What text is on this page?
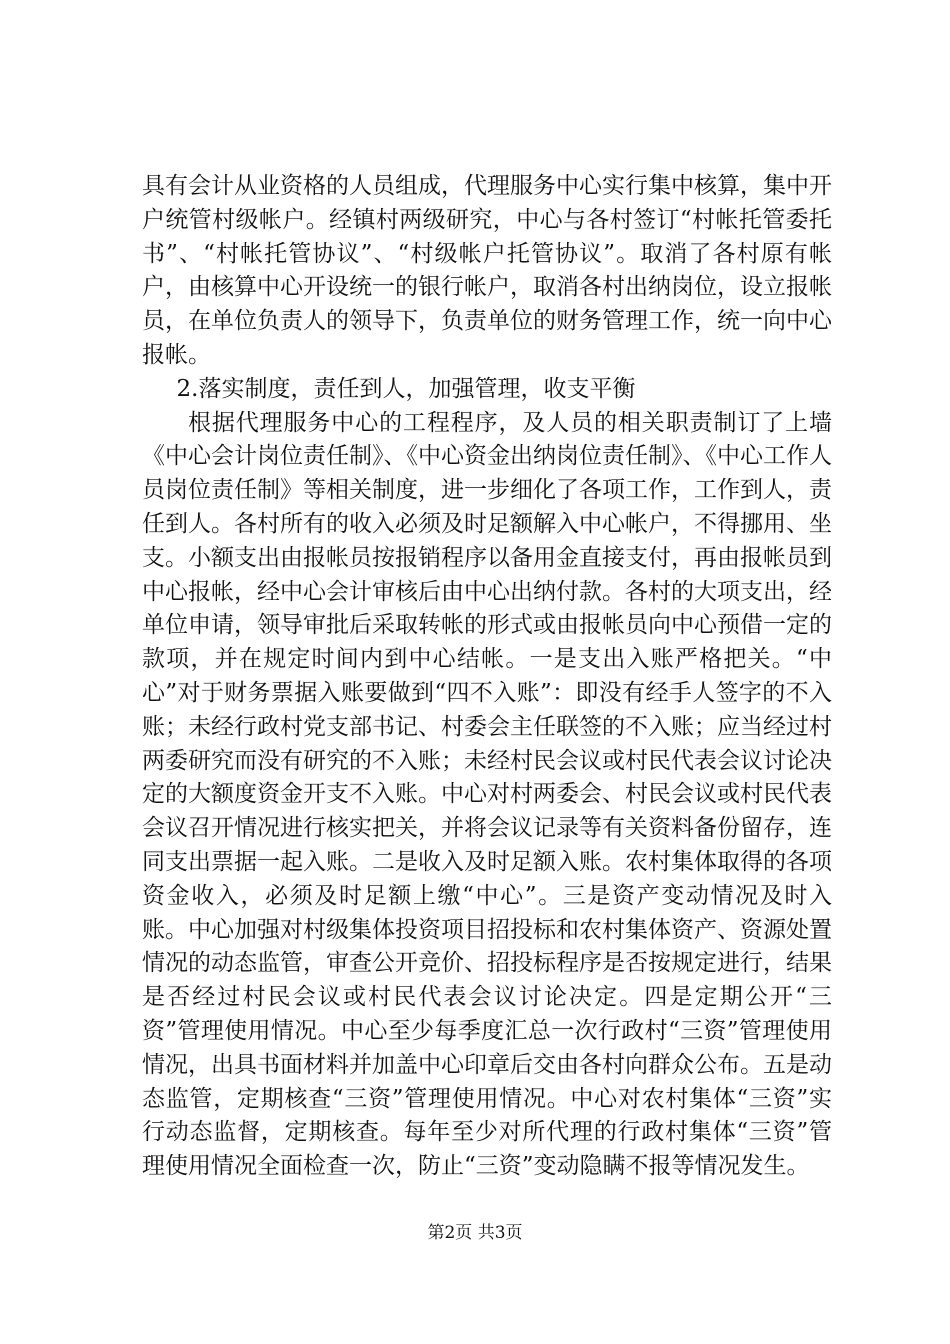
具有会计从业资格的人员组成，代理服务中心实行集中核算，集中开户统管村级帐户。经镇村两级研究，中心与各村签订“村帐托管委托书”、“村帐托管协议”、“村级帐户托管协议”。取消了各村原有帐户，由核算中心开设统一的银行帐户，取消各村出纳岗位，设立报帐员，在单位负责人的领导下，负责单位的财务管理工作，统一向中心报帐。

2.落实制度，责任到人，加强管理，收支平衡

根据代理服务中心的工程程序，及人员的相关职责制订了上墙《中心会计岗位责任制》、《中心资金出纳岗位责任制》、《中心工作人员岗位责任制》等相关制度，进一步细化了各项工作，工作到人，责任到人。各村所有的收入必须及时足额解入中心帐户，不得挪用、坐支。小额支出由报帐员按报销程序以备用金直接支付，再由报帐员到中心报帐，经中心会计审核后由中心出纳付款。各村的大项支出，经单位申请，领导审批后采取转帐的形式或由报帐员向中心预借一定的款项，并在规定时间内到中心结帐。一是支出入账严格把关。“中心”对于财务票据入账要做到“四不入账”：即没有经手人签字的不入账；未经行政村党支部书记、村委会主任联签的不入账；应当经过村两委研究而没有研究的不入账；未经村民会议或村民代表会议讨论决定的大额度资金开支不入账。中心对村两委会、村民会议或村民代表会议召开情况进行核实把关，并将会议记录等有关资料备份留存，连同支出票据一起入账。二是收入及时足额入账。农村集体取得的各项资金收入，必须及时足额上缴“中心”。三是资产变动情况及时入账。中心加强对村级集体投资项目招投标和农村集体资产、资源处置情况的动态监管，审查公开竞价、招投标程序是否按规定进行，结果是否经过村民会议或村民代表会议讨论决定。四是定期公开“三资”管理使用情况。中心至少每季度汇总一次行政村“三资”管理使用情况，出具书面材料并加盖中心印章后交由各村向群众公布。五是动态监管，定期核查“三资”管理使用情况。中心对农村集体“三资”实行动态监督，定期核查。每年至少对所代理的行政村集体“三资”管理使用情况全面检查一次，防止“三资”变动隐瞒不报等情况发生。

第2页 共3页
